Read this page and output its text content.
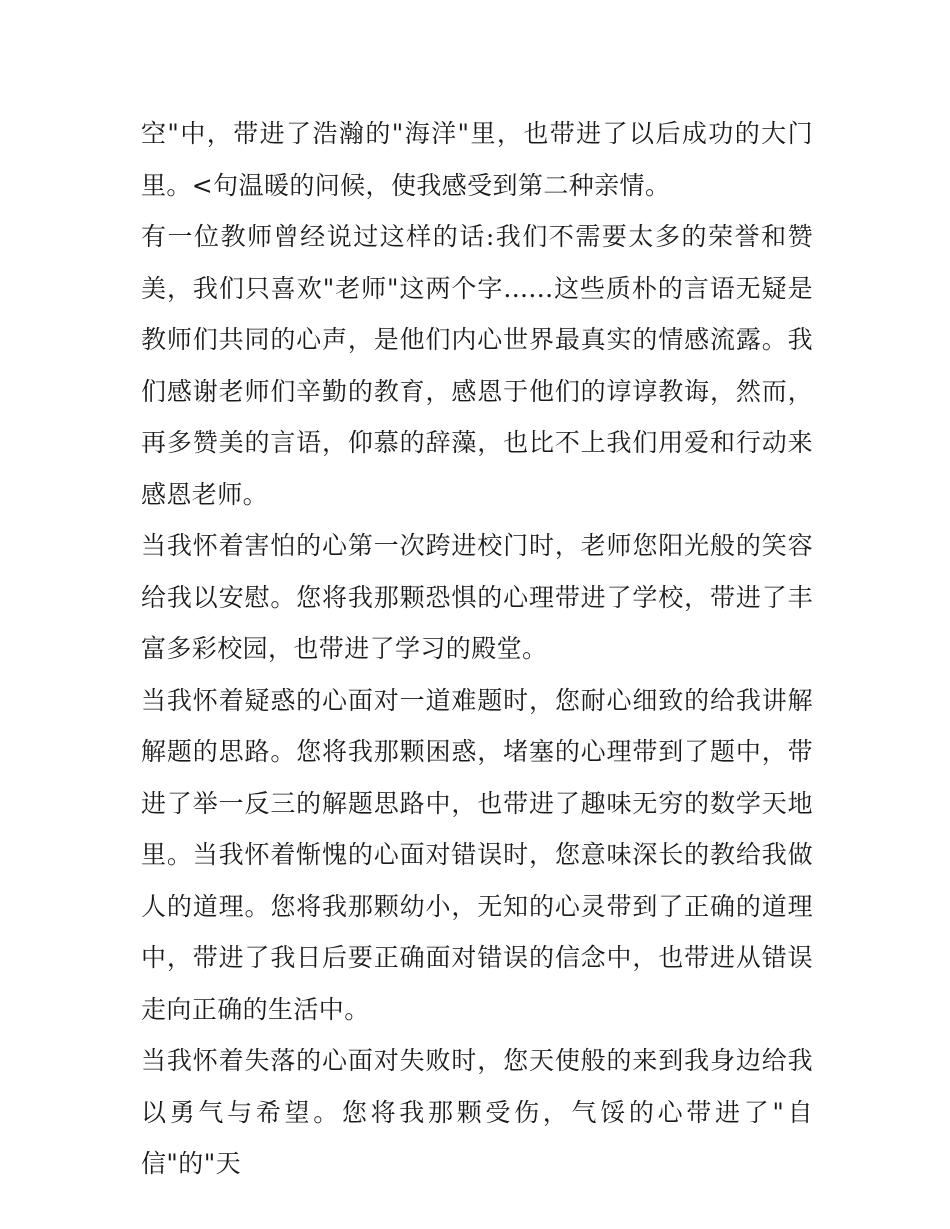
空"中，带进了浩瀚的"海洋"里，也带进了以后成功的大门里。<句温暖的问候，使我感受到第二种亲情。

有一位教师曾经说过这样的话:我们不需要太多的荣誉和赞美，我们只喜欢"老师"这两个字......这些质朴的言语无疑是教师们共同的心声，是他们内心世界最真实的情感流露。我们感谢老师们辛勤的教育，感恩于他们的谆谆教诲，然而，再多赞美的言语，仰慕的辞藻，也比不上我们用爱和行动来感恩老师。

当我怀着害怕的心第一次跨进校门时，老师您阳光般的笑容给我以安慰。您将我那颗恐惧的心理带进了学校，带进了丰富多彩校园，也带进了学习的殿堂。

当我怀着疑惑的心面对一道难题时，您耐心细致的给我讲解解题的思路。您将我那颗困惑，堵塞的心理带到了题中，带进了举一反三的解题思路中，也带进了趣味无穷的数学天地里。当我怀着惭愧的心面对错误时，您意味深长的教给我做人的道理。您将我那颗幼小，无知的心灵带到了正确的道理中，带进了我日后要正确面对错误的信念中，也带进从错误走向正确的生活中。

当我怀着失落的心面对失败时，您天使般的来到我身边给我以勇气与希望。您将我那颗受伤，气馁的心带进了"自信"的"天
